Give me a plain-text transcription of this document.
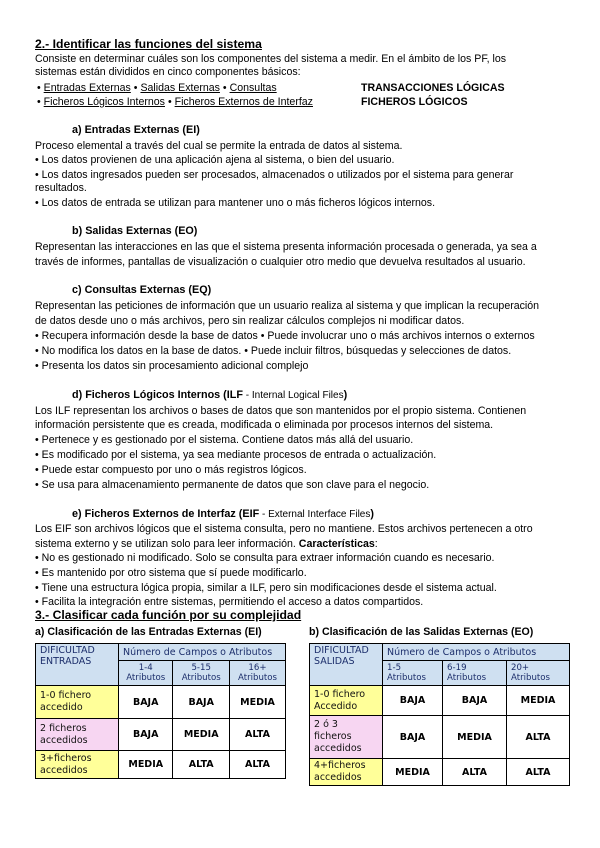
2.- Identificar las funciones del sistema
Consiste en determinar cuáles son los componentes del sistema a medir. En el ámbito de los PF, los
sistemas están divididos en cinco componentes básicos:
• Entradas Externas • Salidas Externas • Consultas	TRANSACCIONES LÓGICAS
• Ficheros Lógicos Internos • Ficheros Externos de Interfaz	FICHEROS LÓGICOS
a) Entradas Externas (EI)
Proceso elemental a través del cual se permite la entrada de datos al sistema.
• Los datos provienen de una aplicación ajena al sistema, o bien del usuario.
• Los datos ingresados pueden ser procesados, almacenados o utilizados por el sistema para generar
resultados.
• Los datos de entrada se utilizan para mantener uno o más ficheros lógicos internos.
b) Salidas Externas (EO)
Representan las interacciones en las que el sistema presenta información procesada o generada, ya sea a
través de informes, pantallas de visualización o cualquier otro medio que devuelva resultados al usuario.
c) Consultas Externas (EQ)
Representan las peticiones de información que un usuario realiza al sistema y que implican la recuperación
de datos desde uno o más archivos, pero sin realizar cálculos complejos ni modificar datos.
• Recupera información desde la base de datos • Puede involucrar uno o más archivos internos o externos
• No modifica los datos en la base de datos. • Puede incluir filtros, búsquedas y selecciones de datos.
• Presenta los datos sin procesamiento adicional complejo
d) Ficheros Lógicos Internos (ILF - Internal Logical Files)
Los ILF representan los archivos o bases de datos que son mantenidos por el propio sistema. Contienen
información persistente que es creada, modificada o eliminada por procesos internos del sistema.
• Pertenece y es gestionado por el sistema. Contiene datos más allá del usuario.
• Es modificado por el sistema, ya sea mediante procesos de entrada o actualización.
• Puede estar compuesto por uno o más registros lógicos.
• Se usa para almacenamiento permanente de datos que son clave para el negocio.
e) Ficheros Externos de Interfaz (EIF - External Interface Files)
Los EIF son archivos lógicos que el sistema consulta, pero no mantiene. Estos archivos pertenecen a otro
sistema externo y se utilizan solo para leer información. Características:
• No es gestionado ni modificado. Solo se consulta para extraer información cuando es necesario.
• Es mantenido por otro sistema que sí puede modificarlo.
• Tiene una estructura lógica propia, similar a ILF, pero sin modificaciones desde el sistema actual.
• Facilita la integración entre sistemas, permitiendo el acceso a datos compartidos.
3.- Clasificar cada función por su complejidad
a) Clasificación de las Entradas Externas (EI)	b) Clasificación de las Salidas Externas (EO)
DIFICULTAD ENTRADAS	Número de Campos o Atributos		
	1-4 Atributos	5-15 Atributos	16+ Atributos
1-0 fichero accedido	BAJA	BAJA	MEDIA
2 ficheros accedidos	BAJA	MEDIA	ALTA
3+ficheros accedidos	MEDIA	ALTA	ALTA
DIFICULTAD SALIDAS	Número de Campos o Atributos		
	1-5 Atributos	6-19 Atributos	20+ Atributos
1-0 fichero Accedido	BAJA	BAJA	MEDIA
2 ó 3 ficheros accedidos	BAJA	MEDIA	ALTA
4+ficheros accedidos	MEDIA	ALTA	ALTA
